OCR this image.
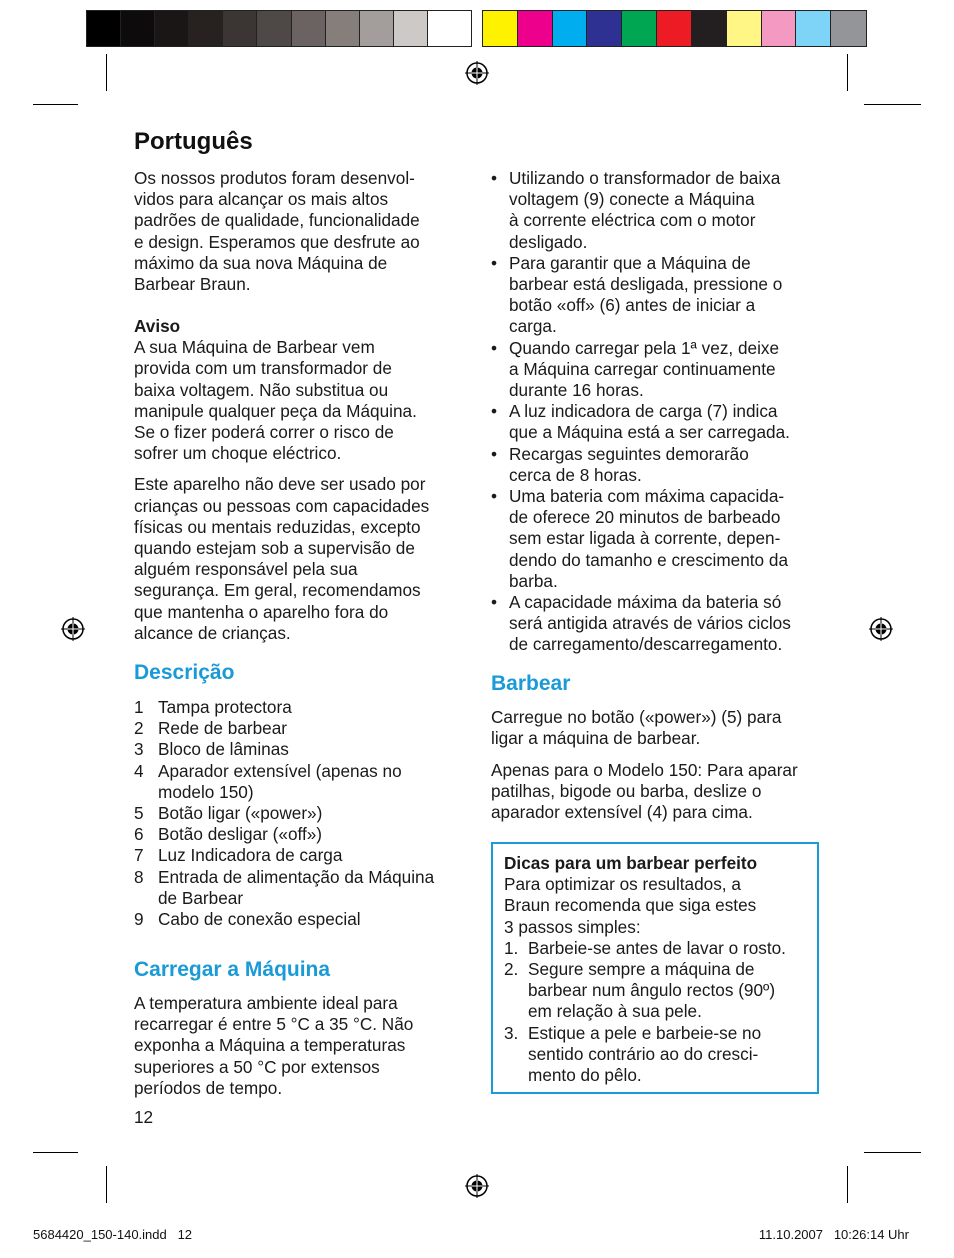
Português

Os nossos produtos foram desenvol-
vidos para alcançar os mais altos
padrões de qualidade, funcionalidade
e design. Esperamos que desfrute ao
máximo da sua nova Máquina de
Barbear Braun.

Aviso

A sua Máquina de Barbear vem
provida com um transformador de
baixa voltagem. Não substitua ou
manipule qualquer peça da Máquina.
Se o fizer poderá correr o risco de
sofrer um choque eléctrico.

Este aparelho não deve ser usado por
crianças ou pessoas com capacidades
físicas ou mentais reduzidas, excepto
quando estejam sob a supervisão de
alguém responsável pela sua
segurança. Em geral, recomendamos
que mantenha o aparelho fora do
alcance de crianças.

Descrição
1 Tampa protectora
2 Rede de barbear
3 Bloco de lâminas
4 Aparador extensível (apenas no
modelo 150)
5 Botão ligar («power»)
6 Botão desligar («off»)
7 Luz Indicadora de carga
8 Entrada de alimentação da Máquina
de Barbear
9 Cabo de conexão especial
Carregar a Máquina

A temperatura ambiente ideal para
recarregar é entre 5 °C a 35 °C. Não
exponha a Máquina a temperaturas
superiores a 50 °C por extensos
períodos de tempo.

12

• Utilizando o transformador de baixa
voltagem (9) conecte a Máquina
à corrente eléctrica com o motor
desligado.
• Para garantir que a Máquina de
barbear está desligada, pressione o
botão «off» (6) antes de iniciar a
carga.
• Quando carregar pela 1ª vez, deixe
a Máquina carregar continuamente
durante 16 horas.
• A luz indicadora de carga (7) indica
que a Máquina está a ser carregada.
• Recargas seguintes demorarão
cerca de 8 horas.
• Uma bateria com máxima capacida-
de oferece 20 minutos de barbeado
sem estar ligada à corrente, depen-
dendo do tamanho e crescimento da
barba.
• A capacidade máxima da bateria só
será antigida através de vários ciclos
de carregamento/descarregamento.
Barbear

Carregue no botão («power») (5) para
ligar a máquina de barbear.

Apenas para o Modelo 150: Para aparar
patilhas, bigode ou barba, deslize o
aparador extensível (4) para cima.

Dicas para um barbear perfeito

Para optimizar os resultados, a
Braun recomenda que siga estes
3 passos simples:

1. Barbeie-se antes de lavar o rosto.
2. Segure sempre a máquina de
barbear num ângulo rectos (90º)
em relação à sua pele.
3. Estique a pele e barbeie-se no
sentido contrário ao do cresci-
mento do pêlo.
5684420_150-140.indd   12	11.10.2007   10:26:14 Uhr
